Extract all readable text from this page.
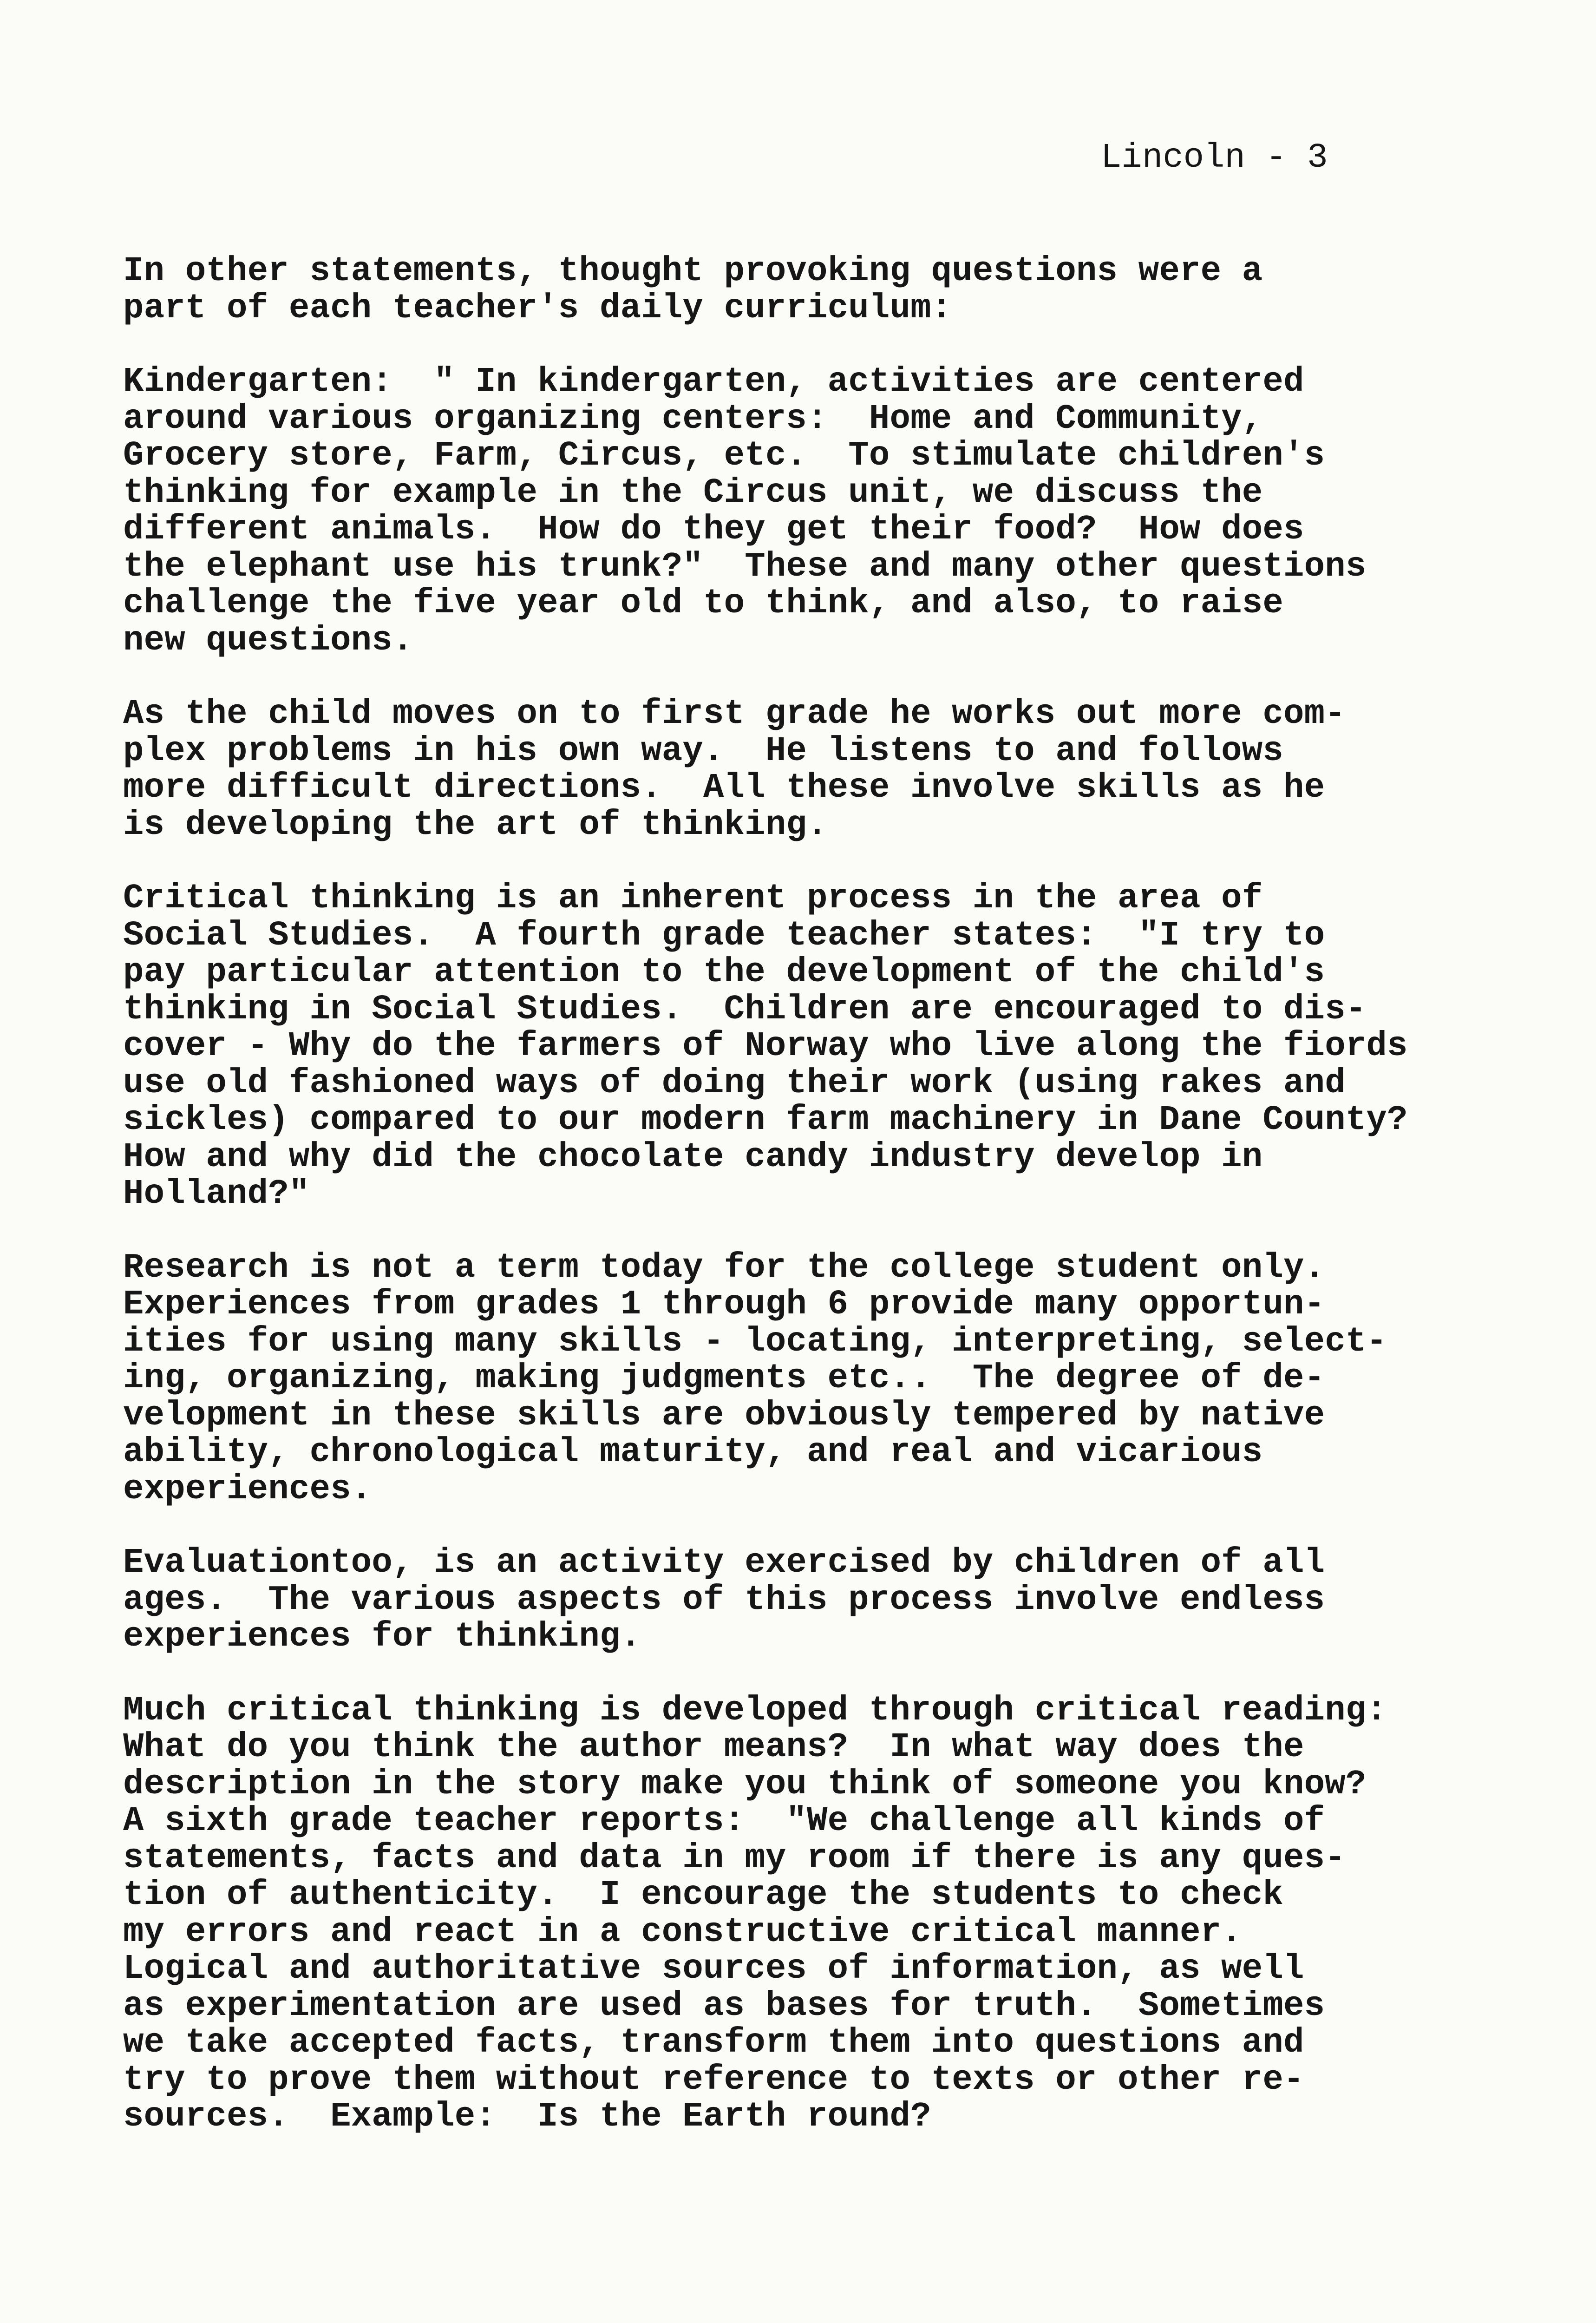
Lincoln - 3
In other statements, thought provoking questions were a
part of each teacher's daily curriculum:
Kindergarten:  " In kindergarten, activities are centered
around various organizing centers:  Home and Community,
Grocery store, Farm, Circus, etc.  To stimulate children's
thinking for example in the Circus unit, we discuss the
different animals.  How do they get their food?  How does
the elephant use his trunk?"  These and many other questions
challenge the five year old to think, and also, to raise
new questions.
As the child moves on to first grade he works out more com-
plex problems in his own way.  He listens to and follows
more difficult directions.  All these involve skills as he
is developing the art of thinking.
Critical thinking is an inherent process in the area of
Social Studies.  A fourth grade teacher states:  "I try to
pay particular attention to the development of the child's
thinking in Social Studies.  Children are encouraged to dis-
cover - Why do the farmers of Norway who live along the fiords
use old fashioned ways of doing their work (using rakes and
sickles) compared to our modern farm machinery in Dane County?
How and why did the chocolate candy industry develop in
Holland?"
Research is not a term today for the college student only.
Experiences from grades 1 through 6 provide many opportun-
ities for using many skills - locating, interpreting, select-
ing, organizing, making judgments etc..  The degree of de-
velopment in these skills are obviously tempered by native
ability, chronological maturity, and real and vicarious
experiences.
Evaluationtoo, is an activity exercised by children of all
ages.  The various aspects of this process involve endless
experiences for thinking.
Much critical thinking is developed through critical reading:
What do you think the author means?  In what way does the
description in the story make you think of someone you know?
A sixth grade teacher reports:  "We challenge all kinds of
statements, facts and data in my room if there is any ques-
tion of authenticity.  I encourage the students to check
my errors and react in a constructive critical manner.
Logical and authoritative sources of information, as well
as experimentation are used as bases for truth.  Sometimes
we take accepted facts, transform them into questions and
try to prove them without reference to texts or other re-
sources.  Example:  Is the Earth round?
